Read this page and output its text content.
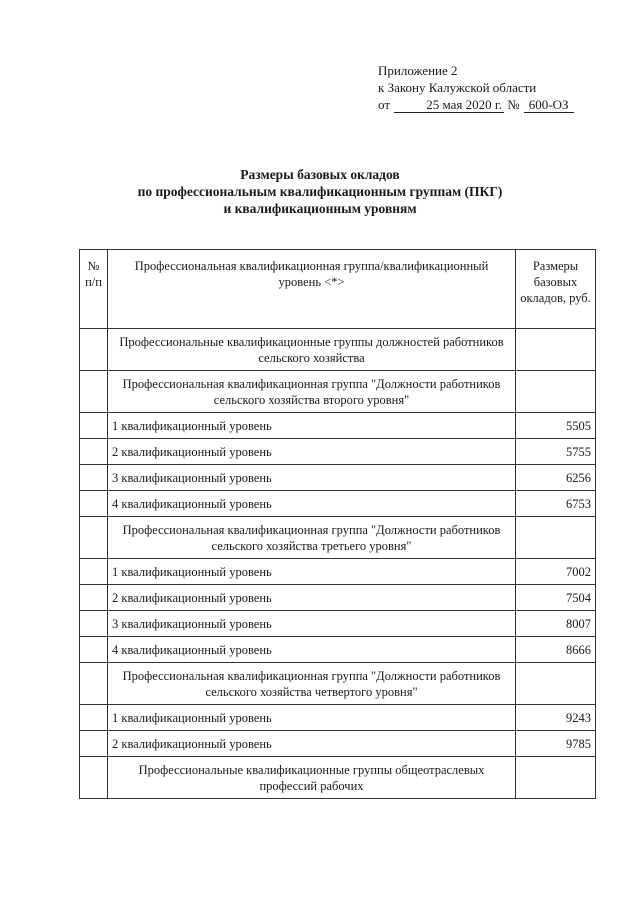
Приложение 2
к Закону Калужской области
от	25 мая 2020 г. № 600-ОЗ
Размеры базовых окладов
по профессиональным квалификационным группам (ПКГ)
и квалификационным уровням
№ п/п	Профессиональная квалификационная группа/квалификационный уровень <*>	Размеры базовых окладов, руб.
	Профессиональные квалификационные группы должностей работников сельского хозяйства	
	Профессиональная квалификационная группа "Должности работников сельского хозяйства второго уровня"	
	1 квалификационный уровень	5505
	2 квалификационный уровень	5755
	3 квалификационный уровень	6256
	4 квалификационный уровень	6753
	Профессиональная квалификационная группа "Должности работников сельского хозяйства третьего уровня"	
	1 квалификационный уровень	7002
	2 квалификационный уровень	7504
	3 квалификационный уровень	8007
	4 квалификационный уровень	8666
	Профессиональная квалификационная группа "Должности работников сельского хозяйства четвертого уровня"	
	1 квалификационный уровень	9243
	2 квалификационный уровень	9785
	Профессиональные квалификационные группы общеотраслевых профессий рабочих	
